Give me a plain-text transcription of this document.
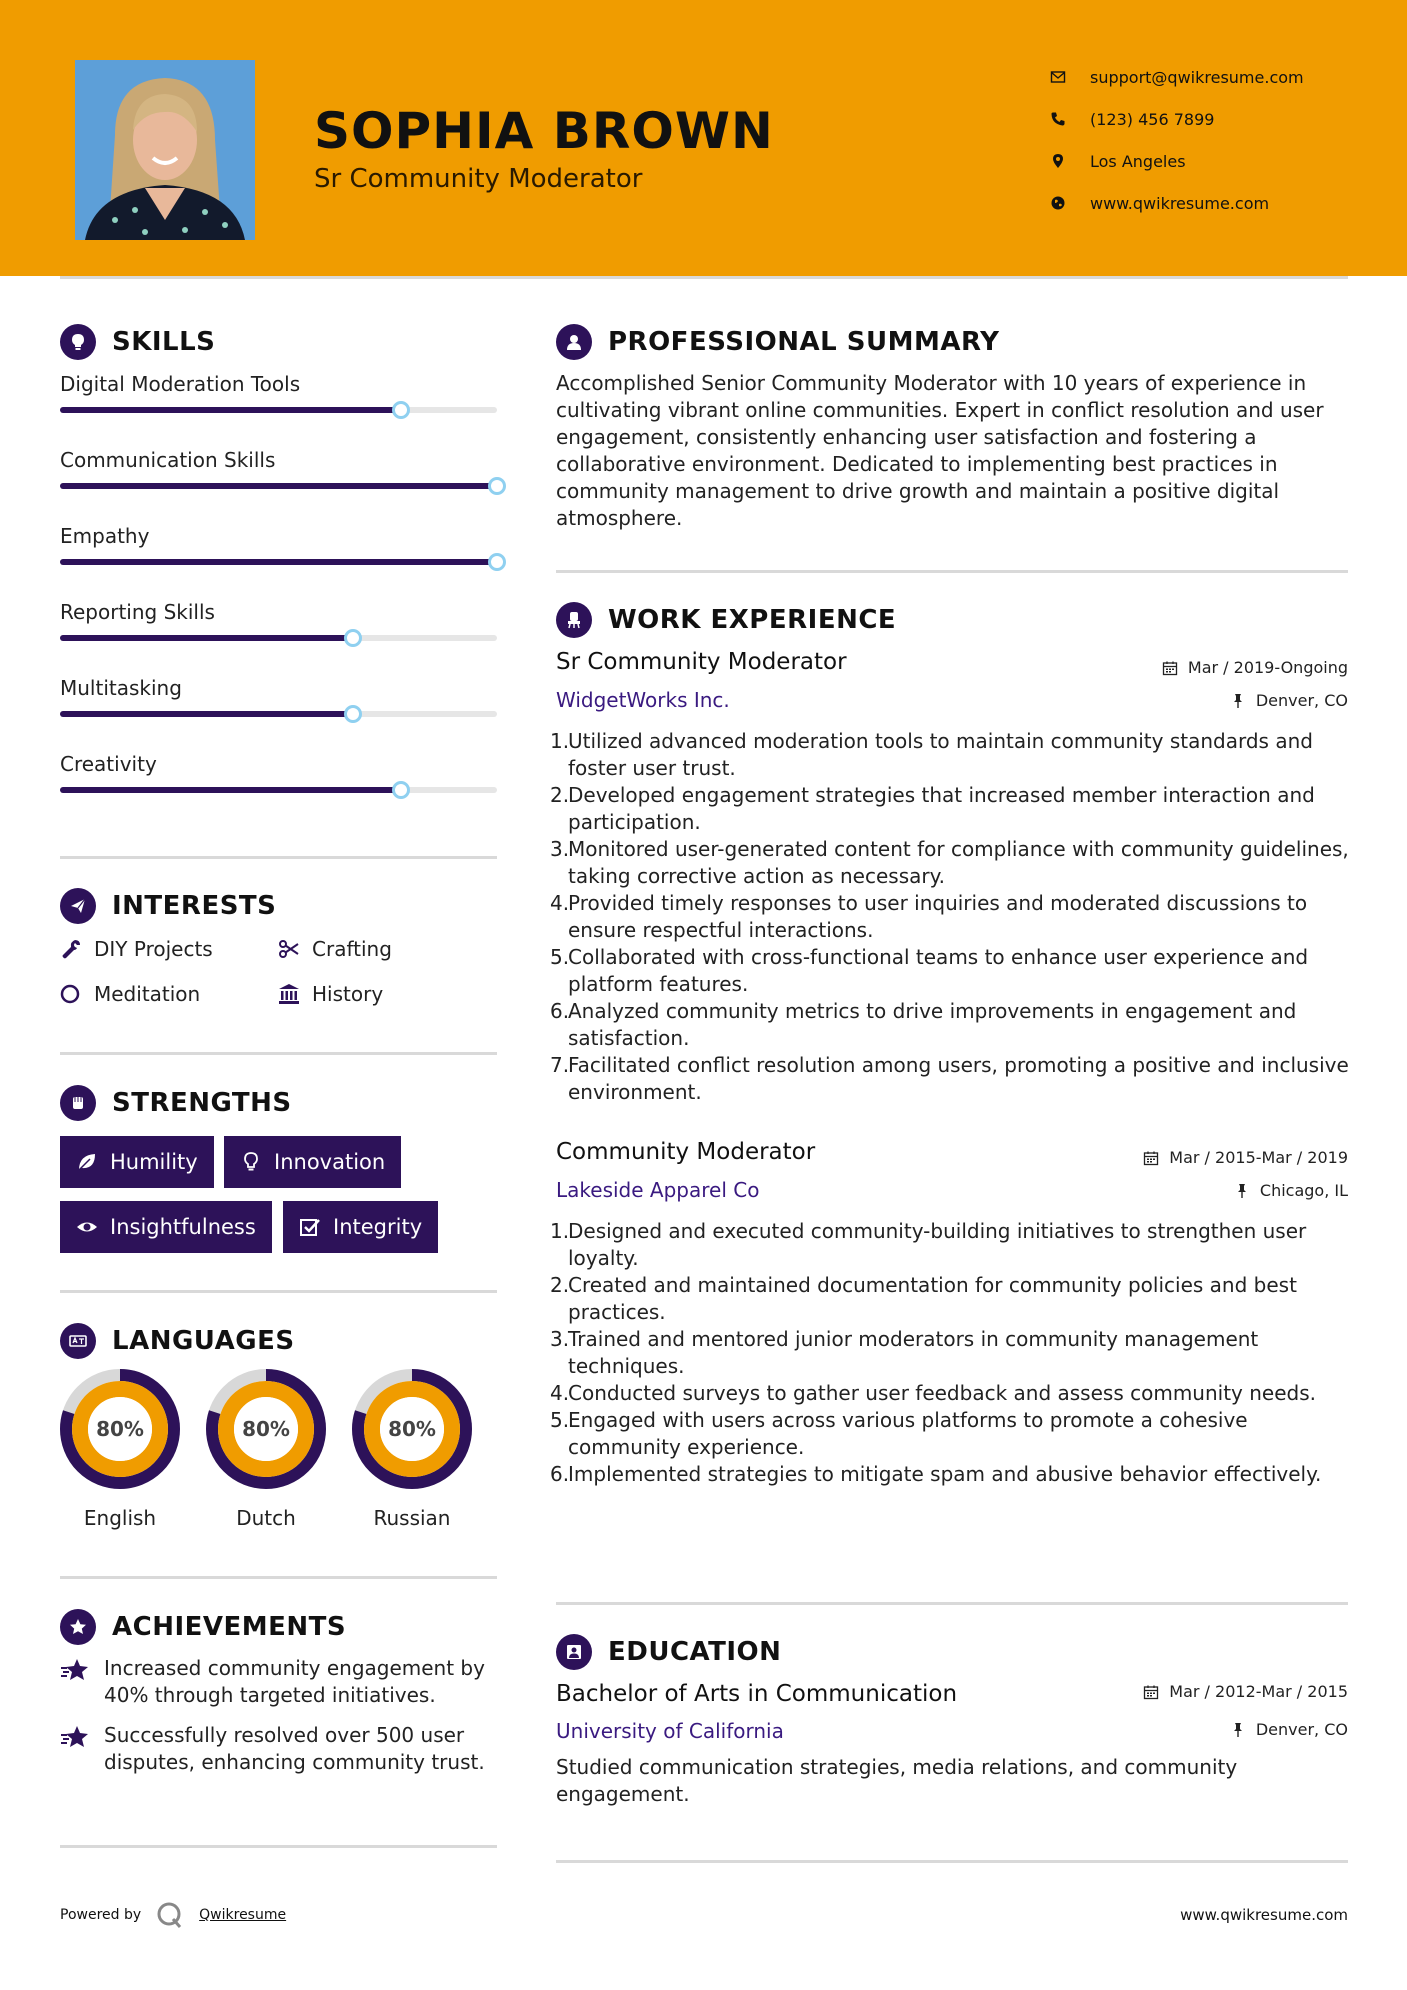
SOPHIA BROWN
Sr Community Moderator
support@qwikresume.com
(123) 456 7899
Los Angeles
www.qwikresume.com
SKILLS
Digital Moderation Tools
Communication Skills
Empathy
Reporting Skills
Multitasking
Creativity
INTERESTS
DIY Projects	Crafting
Meditation	History
STRENGTHS
Humility	Innovation
Insightfulness	Integrity
LANGUAGES
80%
English
80%
Dutch
80%
Russian
ACHIEVEMENTS
Increased community engagement by 40% through targeted initiatives.
Successfully resolved over 500 user disputes, enhancing community trust.
PROFESSIONAL SUMMARY
Accomplished Senior Community Moderator with 10 years of experience in cultivating vibrant online communities. Expert in conflict resolution and user engagement, consistently enhancing user satisfaction and fostering a collaborative environment. Dedicated to implementing best practices in community management to drive growth and maintain a positive digital atmosphere.
WORK EXPERIENCE
Sr Community Moderator	Mar / 2019-Ongoing
WidgetWorks Inc.	Denver, CO
1.
Utilized advanced moderation tools to maintain community standards and foster user trust.
2.
Developed engagement strategies that increased member interaction and participation.
3.
Monitored user-generated content for compliance with community guidelines, taking corrective action as necessary.
4.
Provided timely responses to user inquiries and moderated discussions to ensure respectful interactions.
5.
Collaborated with cross-functional teams to enhance user experience and platform features.
6.
Analyzed community metrics to drive improvements in engagement and satisfaction.
7.
Facilitated conflict resolution among users, promoting a positive and inclusive environment.
Community Moderator	Mar / 2015-Mar / 2019
Lakeside Apparel Co	Chicago, IL
1.
Designed and executed community-building initiatives to strengthen user loyalty.
2.
Created and maintained documentation for community policies and best practices.
3.
Trained and mentored junior moderators in community management techniques.
4.
Conducted surveys to gather user feedback and assess community needs.
5.
Engaged with users across various platforms to promote a cohesive community experience.
6.
Implemented strategies to mitigate spam and abusive behavior effectively.
EDUCATION
Bachelor of Arts in Communication	Mar / 2012-Mar / 2015
University of California	Denver, CO
Studied communication strategies, media relations, and community engagement.
Powered by	Qwikresume	www.qwikresume.com
